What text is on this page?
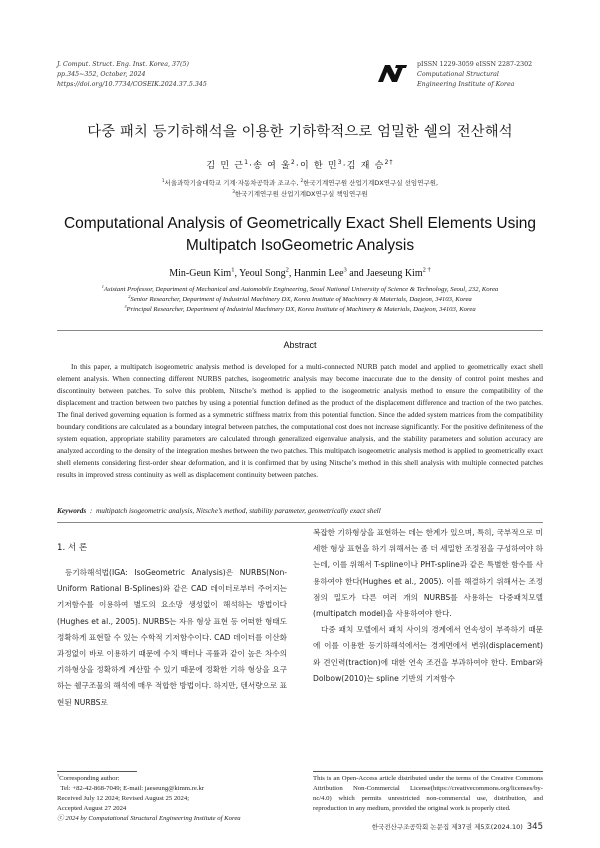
J. Comput. Struct. Eng. Inst. Korea, 37(5)
pp.345~352, October, 2024
https://doi.org/10.7734/COSEIK.2024.37.5.345
pISSN 1229-3059 eISSN 2287-2302
Computational Structural
Engineering Institute of Korea
다중 패치 등기하해석을 이용한 기하학적으로 엄밀한 쉘의 전산해석
김 민 근$^1$·송 여 울$^2$·이 한 민$^3$·김 재 승$^{2\dagger}$
$^1$서울과학기술대학교 기계·자동차공학과 조교수, $^2$한국기계연구원 산업기계DX연구실 선임연구원,
$^3$한국기계연구원 산업기계DX연구실 책임연구원
Computational Analysis of Geometrically Exact Shell Elements Using
Multipatch IsoGeometric Analysis
Min-Geun Kim$^1$, Yeoul Song$^2$, Hanmin Lee$^3$ and Jaeseung Kim$^{2 \dagger}$
$^1$Asistant Professor, Department of Mechanical and Automobile Engineering, Seoul National University of Science & Technology, Seoul, 232, Korea
$^2$Senior Researcher, Department of Industrial Machinery DX, Korea Institute of Machinery & Materials, Daejeon, 34103, Korea
$^3$Principal Researcher, Department of Industrial Machinery DX, Korea Institute of Machinery & Materials, Daejeon, 34103, Korea
Abstract
In this paper, a multipatch isogeometric analysis method is developed for a multi-connected NURB patch model and applied to geometrically exact shell element analysis. When connecting different NURBS patches, isogeometric analysis may become inaccurate due to the density of control point meshes and discontinuity between patches. To solve this problem, Nitsche’s method is applied to the isogeometric analysis method to ensure the compatibility of the displacement and traction between two patches by using a potential function defined as the product of the displacement difference and traction of the two patches. The final derived governing equation is formed as a symmetric stiffness matrix from this potential function. Since the added system matrices from the compatibility boundary conditions are calculated as a boundary integral between patches, the computational cost does not increase significantly. For the positive definiteness of the system equation, appropriate stability parameters are calculated through generalized eigenvalue analysis, and the stability parameters and solution accuracy are analyzed according to the density of the integration meshes between the two patches. This multipatch isogeometric analysis method is applied to geometrically exact shell elements considering first-order shear deformation, and it is confirmed that by using Nitsche’s method in this shell analysis with multiple connected patches results in improved stress continuity as well as displacement continuity between patches.
Keywords  :  multipatch isogeometric analysis, Nitsche’s method, stability parameter, geometrically exact shell
1. 서 론
등기하해석법(IGA: IsoGeometric Analysis)은 NURBS(Non-Uniform Rational B-Splines)와 같은 CAD 데이터로부터 주어지는 기저함수를 이용하여 별도의 요소망 생성없이 해석하는 방법이다(Hughes et al., 2005). NURBS는 자유 형상 표현 등 어떠한 형태도 정확하게 표현할 수 있는 수학적 기저함수이다. CAD 데이터를 이산화 과정없이 바로 이용하기 때문에 수치 백터나 곡률과 같이 높은 차수의 기하형상을 정확하게 계산할 수 있기 때문에 정확한 기하 형상을 요구하는 쉘구조물의 해석에 매우 적합한 방법이다. 하지만, 텐서량으로 표현된 NURBS로

복잡한 기하형상을 표현하는 데는 한계가 있으며, 특히, 국부적으로 미세한 형상 표현을 하기 위해서는 좀 더 세밀한 조정점을 구성하여야 하는데, 이를 위해서 T-spline이나 PHT-spline과 같은 특별한 함수를 사용하여야 한다(Hughes et al., 2005). 이를 해결하기 위해서는 조정점의 밀도가 다른 여러 개의 NURBS를 사용하는 다중패치모델(multipatch model)을 사용하여야 한다.

다중 패치 모델에서 패치 사이의 경계에서 연속성이 부족하기 때문에 이를 이용한 등기하해석에서는 경계면에서 변위(displacement)와 견인력(traction)에 대한 연속 조건을 부과하여야 한다. Embar와 Dolbow(2010)는 spline 기반의 기저함수

†Corresponding author:
Tel: +82-42-868-7049; E-mail: jaeseung@kimm.re.kr
Received July 12 2024; Revised August 25 2024;
Accepted August 27 2024
ⓒ 2024 by Computational Structural Engineering Institute of Korea
This is an Open-Access article distributed under the terms of the Creative Commons Attribution Non-Commercial License(https://creativecommons.org/licenses/by-nc/4.0) which permits unrestricted non-commercial use, distribution, and reproduction in any medium, provided the original work is properly cited.
한국전산구조공학회 논문집 제37권 제5호(2024.10) 345
